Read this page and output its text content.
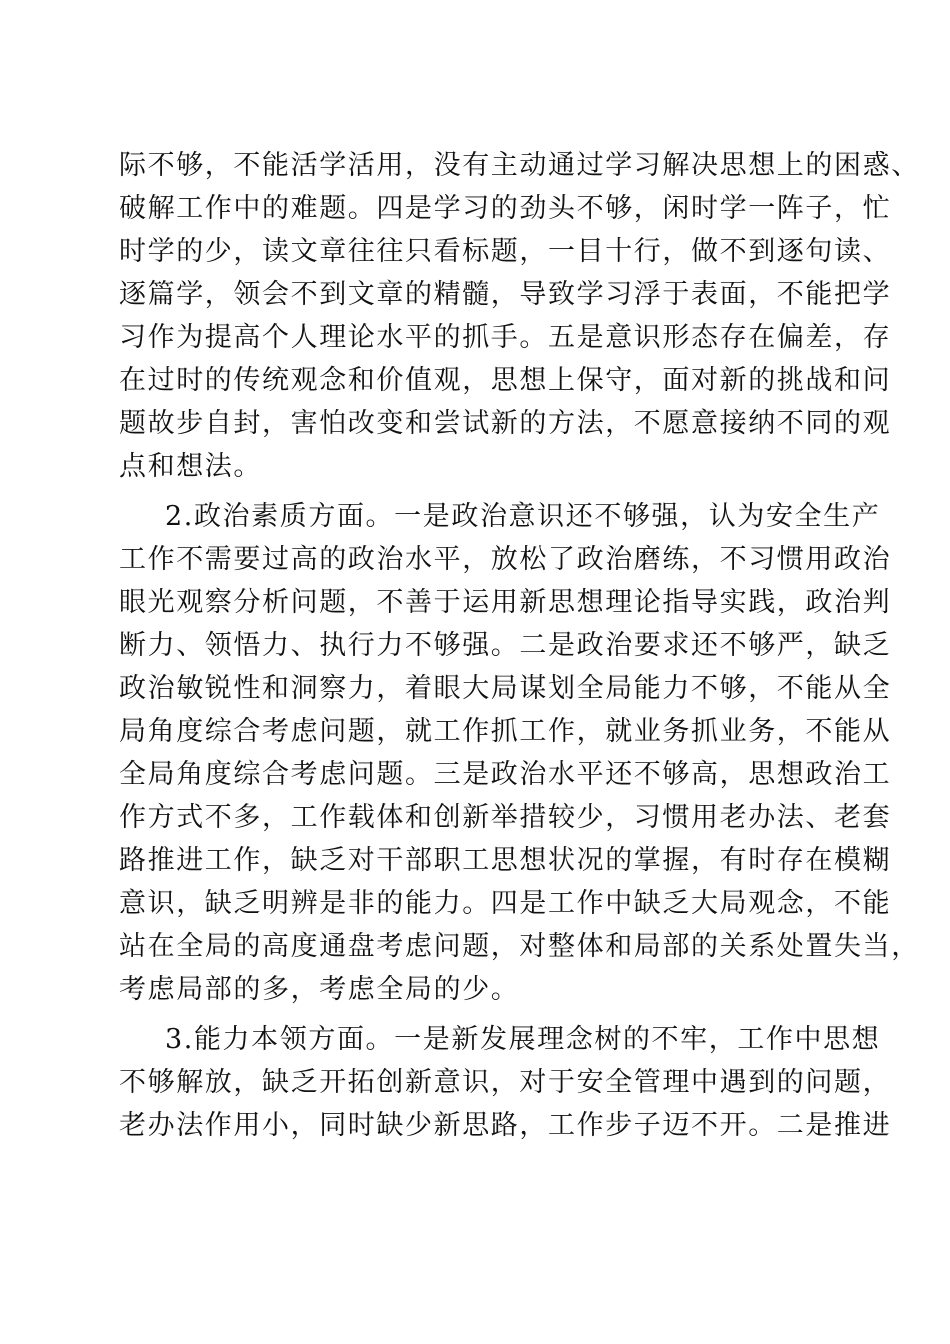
际不够，不能活学活用，没有主动通过学习解决思想上的困惑、
破解工作中的难题。四是学习的劲头不够，闲时学一阵子，忙
时学的少，读文章往往只看标题，一目十行，做不到逐句读、
逐篇学，领会不到文章的精髓，导致学习浮于表面，不能把学
习作为提高个人理论水平的抓手。五是意识形态存在偏差，存
在过时的传统观念和价值观，思想上保守，面对新的挑战和问
题故步自封，害怕改变和尝试新的方法，不愿意接纳不同的观
点和想法。
2.政治素质方面。一是政治意识还不够强，认为安全生产
工作不需要过高的政治水平，放松了政治磨练，不习惯用政治
眼光观察分析问题，不善于运用新思想理论指导实践，政治判
断力、领悟力、执行力不够强。二是政治要求还不够严，缺乏
政治敏锐性和洞察力，着眼大局谋划全局能力不够，不能从全
局角度综合考虑问题，就工作抓工作，就业务抓业务，不能从
全局角度综合考虑问题。三是政治水平还不够高，思想政治工
作方式不多，工作载体和创新举措较少，习惯用老办法、老套
路推进工作，缺乏对干部职工思想状况的掌握，有时存在模糊
意识，缺乏明辨是非的能力。四是工作中缺乏大局观念，不能
站在全局的高度通盘考虑问题，对整体和局部的关系处置失当，
考虑局部的多，考虑全局的少。
3.能力本领方面。一是新发展理念树的不牢，工作中思想
不够解放，缺乏开拓创新意识，对于安全管理中遇到的问题，
老办法作用小，同时缺少新思路，工作步子迈不开。二是推进
